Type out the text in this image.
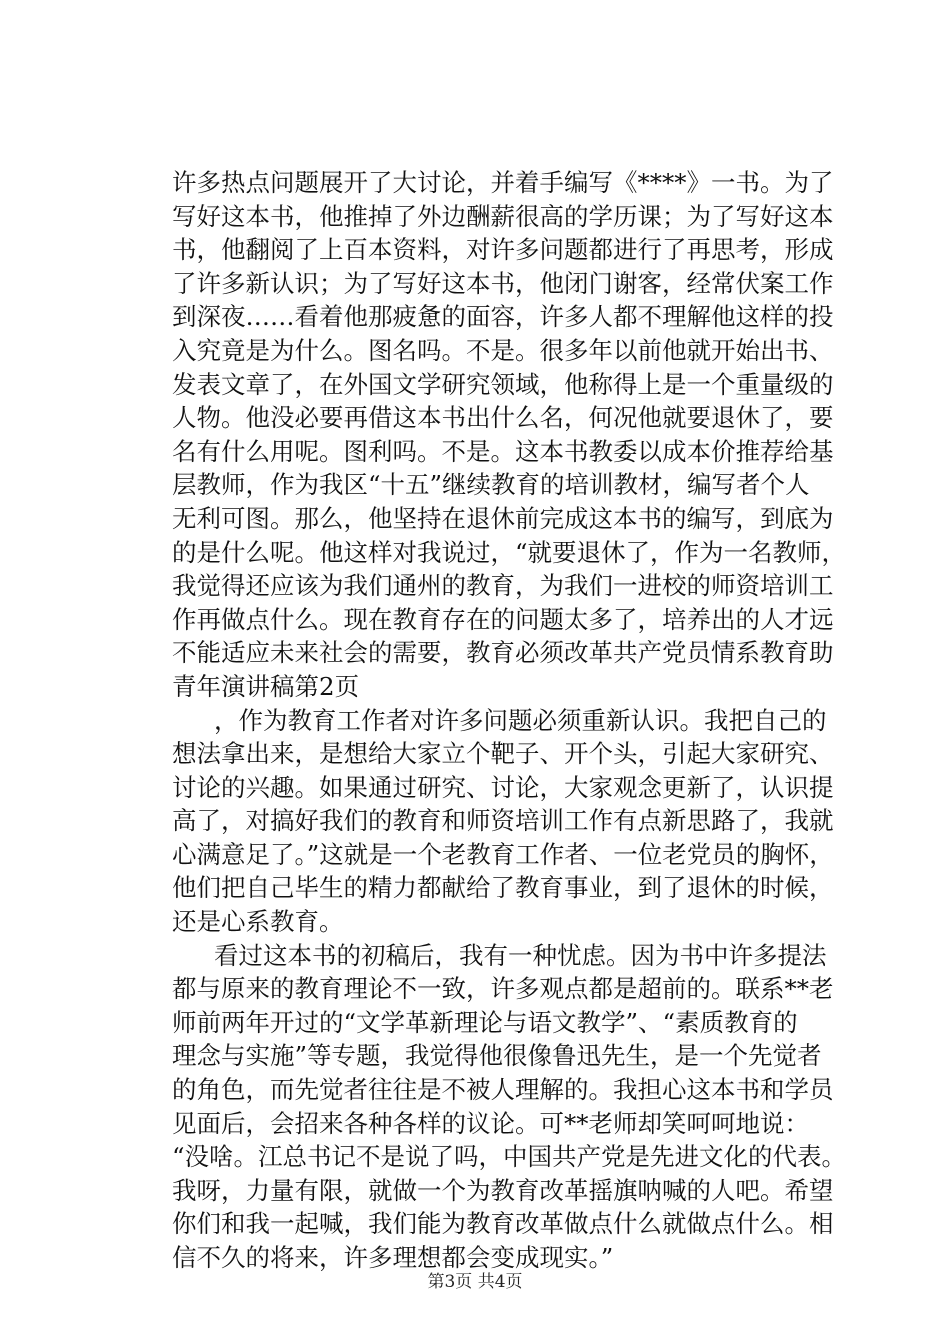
许多热点问题展开了大讨论，并着手编写《****》一书。为了
写好这本书，他推掉了外边酬薪很高的学历课；为了写好这本
书，他翻阅了上百本资料，对许多问题都进行了再思考，形成
了许多新认识；为了写好这本书，他闭门谢客，经常伏案工作
到深夜……看着他那疲惫的面容，许多人都不理解他这样的投
入究竟是为什么。图名吗。不是。很多年以前他就开始出书、
发表文章了，在外国文学研究领域，他称得上是一个重量级的
人物。他没必要再借这本书出什么名，何况他就要退休了，要
名有什么用呢。图利吗。不是。这本书教委以成本价推荐给基
层教师，作为我区“十五”继续教育的培训教材，编写者个人
无利可图。那么，他坚持在退休前完成这本书的编写，到底为
的是什么呢。他这样对我说过，“就要退休了，作为一名教师，
我觉得还应该为我们通州的教育，为我们一进校的师资培训工
作再做点什么。现在教育存在的问题太多了，培养出的人才远
不能适应未来社会的需要，教育必须改革共产党员情系教育助
青年演讲稿第2页
，作为教育工作者对许多问题必须重新认识。我把自己的
想法拿出来，是想给大家立个靶子、开个头，引起大家研究、
讨论的兴趣。如果通过研究、讨论，大家观念更新了，认识提
高了，对搞好我们的教育和师资培训工作有点新思路了，我就
心满意足了。”这就是一个老教育工作者、一位老党员的胸怀，
他们把自己毕生的精力都献给了教育事业，到了退休的时候，
还是心系教育。
看过这本书的初稿后，我有一种忧虑。因为书中许多提法
都与原来的教育理论不一致，许多观点都是超前的。联系**老
师前两年开过的“文学革新理论与语文教学”、“素质教育的
理念与实施”等专题，我觉得他很像鲁迅先生，是一个先觉者
的角色，而先觉者往往是不被人理解的。我担心这本书和学员
见面后，会招来各种各样的议论。可**老师却笑呵呵地说：
“没啥。江总书记不是说了吗，中国共产党是先进文化的代表。
我呀，力量有限，就做一个为教育改革摇旗呐喊的人吧。希望
你们和我一起喊，我们能为教育改革做点什么就做点什么。相
信不久的将来，许多理想都会变成现实。”
第3页 共4页
